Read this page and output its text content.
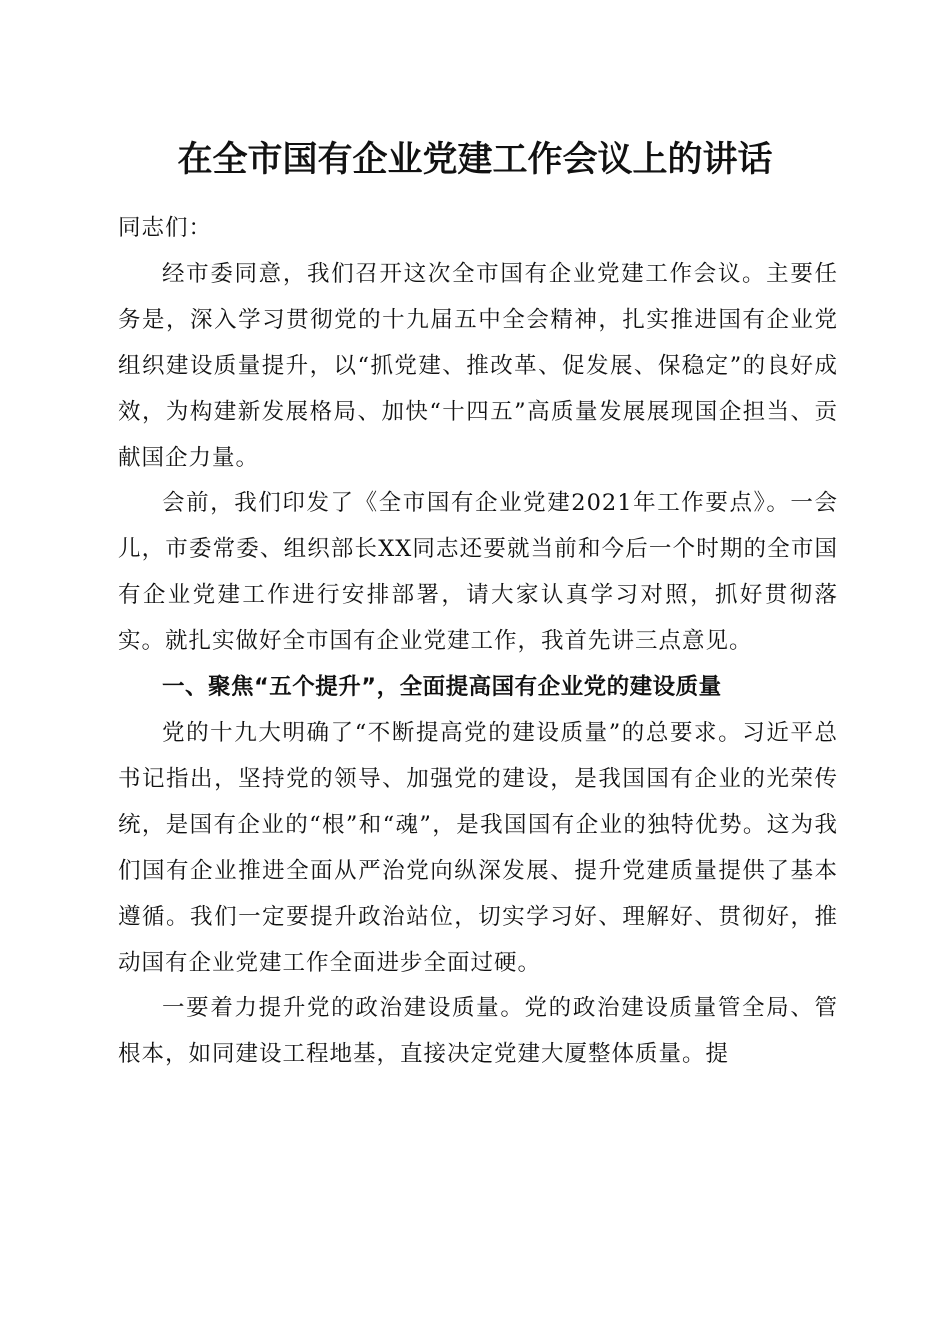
在全市国有企业党建工作会议上的讲话

同志们：

经市委同意，我们召开这次全市国有企业党建工作会议。主要任务是，深入学习贯彻党的十九届五中全会精神，扎实推进国有企业党组织建设质量提升，以“抓党建、推改革、促发展、保稳定”的良好成效，为构建新发展格局、加快“十四五”高质量发展展现国企担当、贡献国企力量。

会前，我们印发了《全市国有企业党建2021年工作要点》。一会儿，市委常委、组织部长XX同志还要就当前和今后一个时期的全市国有企业党建工作进行安排部署，请大家认真学习对照，抓好贯彻落实。就扎实做好全市国有企业党建工作，我首先讲三点意见。

一、聚焦“五个提升”，全面提高国有企业党的建设质量

党的十九大明确了“不断提高党的建设质量”的总要求。习近平总书记指出，坚持党的领导、加强党的建设，是我国国有企业的光荣传统，是国有企业的“根”和“魂”，是我国国有企业的独特优势。这为我们国有企业推进全面从严治党向纵深发展、提升党建质量提供了基本遵循。我们一定要提升政治站位，切实学习好、理解好、贯彻好，推动国有企业党建工作全面进步全面过硬。

一要着力提升党的政治建设质量。党的政治建设质量管全局、管根本，如同建设工程地基，直接决定党建大厦整体质量。提
